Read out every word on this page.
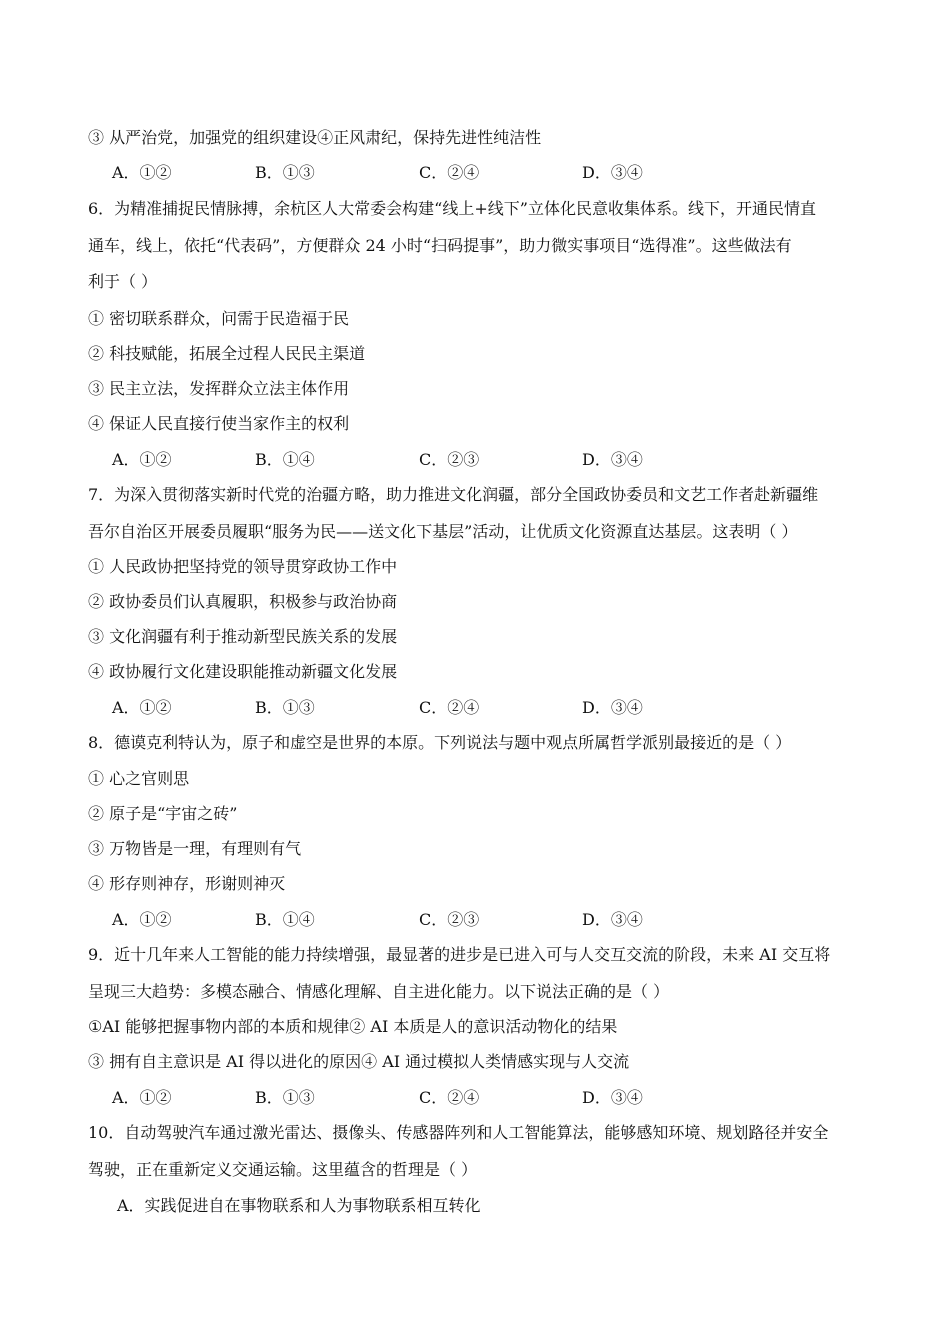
③ 从严治党，加强党的组织建设④正风肃纪，保持先进性纯洁性
A．①②	B．①③	C．②④	D．③④
6．为精准捕捉民情脉搏，余杭区人大常委会构建“线上+线下”立体化民意收集体系。线下，开通民情直
通车，线上，依托“代表码”，方便群众 24 小时“扫码提事”，助力微实事项目“选得准”。这些做法有
利于（ ）
① 密切联系群众，问需于民造福于民
② 科技赋能，拓展全过程人民民主渠道
③ 民主立法，发挥群众立法主体作用
④ 保证人民直接行使当家作主的权利
A．①②	B．①④	C．②③	D．③④
7．为深入贯彻落实新时代党的治疆方略，助力推进文化润疆，部分全国政协委员和文艺工作者赴新疆维
吾尔自治区开展委员履职“服务为民——送文化下基层”活动，让优质文化资源直达基层。这表明（ ）
① 人民政协把坚持党的领导贯穿政协工作中
② 政协委员们认真履职，积极参与政治协商
③ 文化润疆有利于推动新型民族关系的发展
④ 政协履行文化建设职能推动新疆文化发展
A．①②	B．①③	C．②④	D．③④
8．德谟克利特认为，原子和虚空是世界的本原。下列说法与题中观点所属哲学派别最接近的是（ ）
① 心之官则思
② 原子是“宇宙之砖”
③ 万物皆是一理，有理则有气
④ 形存则神存，形谢则神灭
A．①②	B．①④	C．②③	D．③④
9．近十几年来人工智能的能力持续增强，最显著的进步是已进入可与人交互交流的阶段，未来 AI 交互将
呈现三大趋势：多模态融合、情感化理解、自主进化能力。以下说法正确的是（ ）
①AI 能够把握事物内部的本质和规律② AI 本质是人的意识活动物化的结果
③ 拥有自主意识是 AI 得以进化的原因④ AI 通过模拟人类情感实现与人交流
A．①②	B．①③	C．②④	D．③④
10．自动驾驶汽车通过激光雷达、摄像头、传感器阵列和人工智能算法，能够感知环境、规划路径并安全
驾驶，正在重新定义交通运输。这里蕴含的哲理是（ ）
A．实践促进自在事物联系和人为事物联系相互转化
